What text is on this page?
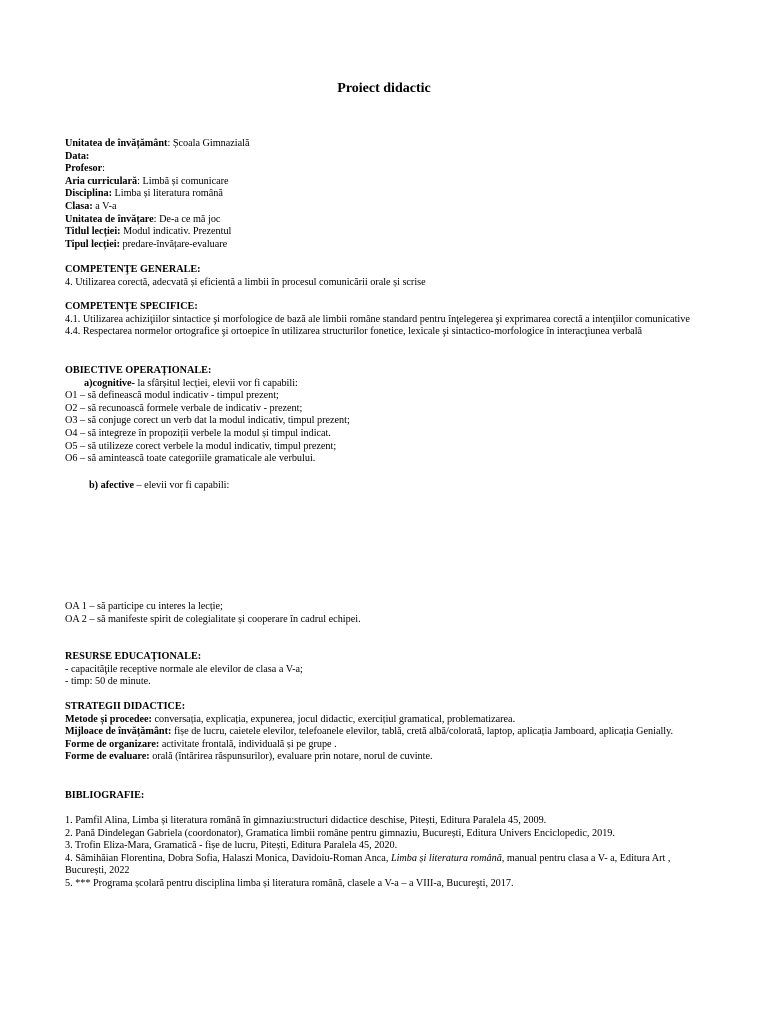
Proiect didactic
Unitatea de învățământ: Școala Gimnazială
Data:
Profesor:
Aria curriculară: Limbă și comunicare
Disciplina: Limba și literatura română
Clasa: a V-a
Unitatea de învățare: De-a ce mă joc
Titlul lecției: Modul indicativ. Prezentul
Tipul lecției: predare-învățare-evaluare
COMPETENŢE GENERALE:
4. Utilizarea corectă, adecvată și eficientă a limbii în procesul comunicării orale și scrise
COMPETENŢE SPECIFICE:
4.1. Utilizarea achiziţiilor sintactice şi morfologice de bază ale limbii române standard pentru înţelegerea şi exprimarea corectă a intenţiilor comunicative
4.4. Respectarea normelor ortografice şi ortoepice în utilizarea structurilor fonetice, lexicale şi sintactico-morfologice în interacţiunea verbală
OBIECTIVE OPERAȚIONALE:
a)cognitive- la sfârșitul lecției, elevii vor fi capabili:
O1 – să definească modul indicativ - timpul prezent;
O2 – să recunoască formele verbale de indicativ - prezent;
O3 – să conjuge corect un verb dat la modul indicativ, timpul prezent;
O4 – să integreze în propoziții verbele la modul și timpul indicat.
O5 – să utilizeze corect verbele la modul indicativ, timpul prezent;
O6 – să amintească toate categoriile gramaticale ale verbului.
b) afective – elevii vor fi capabili:
OA 1 – să participe cu interes la lecție;
OA 2 – să manifeste spirit de colegialitate și cooperare în cadrul echipei.
RESURSE EDUCAȚIONALE:
- capacităţile receptive normale ale elevilor de clasa a V-a;
- timp: 50 de minute.
STRATEGII DIDACTICE:
Metode și procedee: conversația, explicația, expunerea, jocul didactic, exercițiul gramatical, problematizarea.
Mijloace de învățământ: fișe de lucru, caietele elevilor, telefoanele elevilor, tablă, cretă albă/colorată, laptop, aplicația Jamboard, aplicația Genially.
Forme de organizare: activitate frontală, individuală și pe grupe .
Forme de evaluare: orală (întărirea răspunsurilor), evaluare prin notare, norul de cuvinte.
BIBLIOGRAFIE:
1. Pamfil Alina, Limba și literatura română în gimnaziu:structuri didactice deschise, Pitești, Editura Paralela 45, 2009.
2. Pană Dindelegan Gabriela (coordonator), Gramatica limbii române pentru gimnaziu, București, Editura Univers Enciclopedic, 2019.
3. Trofin Eliza-Mara, Gramatică - fișe de lucru, Pitești, Editura Paralela 45, 2020.
4. Sâmihăian Florentina, Dobra Sofia, Halaszi Monica, Davidoiu-Roman Anca, Limba și literatura română, manual pentru clasa a V- a, Editura Art , București, 2022
5. *** Programa școlară pentru disciplina limba și literatura română, clasele a V-a – a VIII-a, Bucureşti, 2017.
